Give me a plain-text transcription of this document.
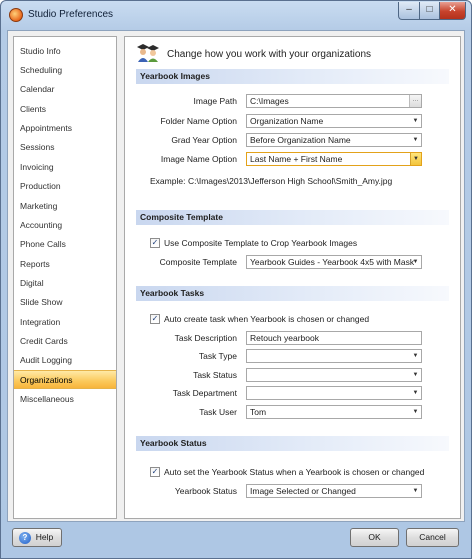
Studio Preferences	–	□	✕
Studio Info
Scheduling
Calendar
Clients
Appointments
Sessions
Invoicing
Production
Marketing
Accounting
Phone Calls
Reports
Digital
Slide Show
Integration
Credit Cards
Audit Logging
Organizations
Miscellaneous
Change how you work with your organizations
Yearbook Images
Image Path	C:\Images	...
Folder Name Option	Organization Name	▼
Grad Year Option	Before Organization Name	▼
Image Name Option	Last Name + First Name	▼
Example: C:\Images\2013\Jefferson High School\Smith_Amy.jpg
Composite Template
✓ Use Composite Template to Crop Yearbook Images
Composite Template	Yearbook Guides - Yearbook 4x5 with Mask
▼
Yearbook Tasks
✓ Auto create task when Yearbook is chosen or changed
Task Description	Retouch yearbook
Task Type	▼
Task Status	▼
Task Department	▼
Task User	Tom	▼
Yearbook Status
✓ Auto set the Yearbook Status when a Yearbook is chosen or changed
Yearbook Status	Image Selected or Changed	▼
? Help	OK	Cancel
